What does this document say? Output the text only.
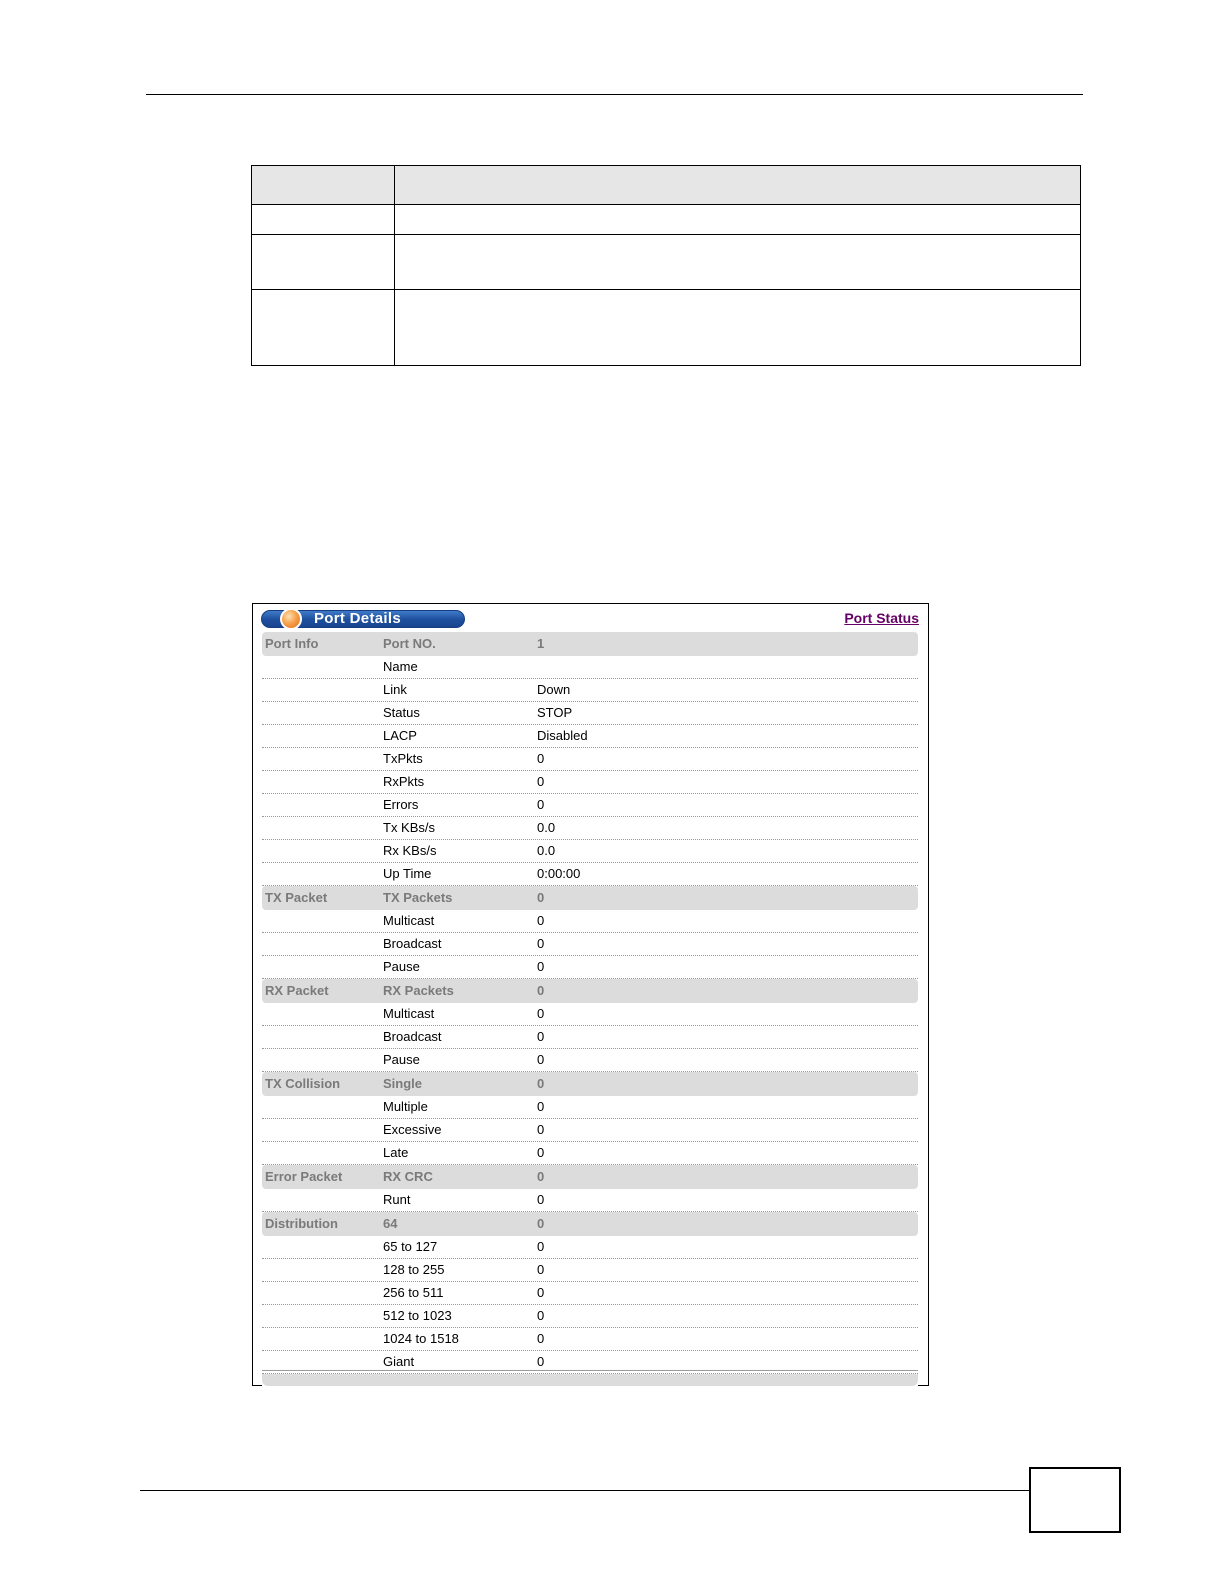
Port Details	Port Status
Port Info	Port NO.	1
Name
Link	Down
Status	STOP
LACP	Disabled
TxPkts	0
RxPkts	0
Errors	0
Tx KBs/s	0.0
Rx KBs/s	0.0
Up Time	0:00:00
TX Packet	TX Packets	0
Multicast	0
Broadcast	0
Pause	0
RX Packet	RX Packets	0
Multicast	0
Broadcast	0
Pause	0
TX Collision	Single	0
Multiple	0
Excessive	0
Late	0
Error Packet	RX CRC	0
Runt	0
Distribution	64	0
65 to 127	0
128 to 255	0
256 to 511	0
512 to 1023	0
1024 to 1518	0
Giant	0
